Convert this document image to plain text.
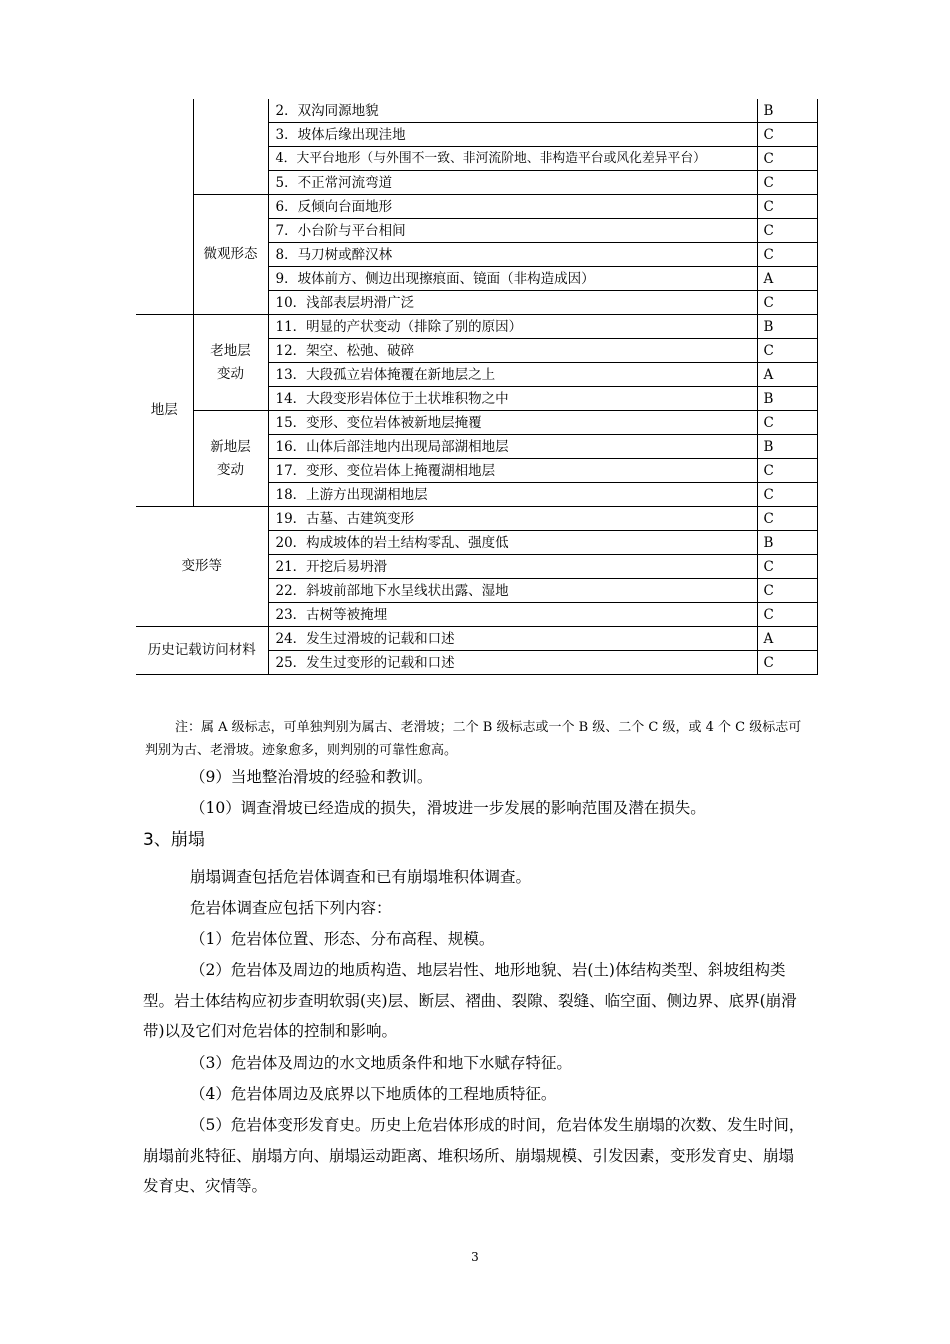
		2．双沟同源地貌	B
		3．坡体后缘出现洼地	C
		4．大平台地形（与外围不一致、非河流阶地、非构造平台或风化差异平台）	C
		5．不正常河流弯道	C
	微观形态	6．反倾向台面地形	C
		7．小台阶与平台相间	C
		8．马刀树或醉汉林	C
		9．坡体前方、侧边出现擦痕面、镜面（非构造成因）	A
		10．浅部表层坍滑广泛	C
地层	老地层变动	11．明显的产状变动（排除了别的原因）	B
		12．架空、松弛、破碎	C
		13．大段孤立岩体掩覆在新地层之上	A
		14．大段变形岩体位于土状堆积物之中	B
	新地层变动	15．变形、变位岩体被新地层掩覆	C
		16．山体后部洼地内出现局部湖相地层	B
		17．变形、变位岩体上掩覆湖相地层	C
		18．上游方出现湖相地层	C
变形等		19．古墓、古建筑变形	C
		20．构成坡体的岩土结构零乱、强度低	B
		21．开挖后易坍滑	C
		22．斜坡前部地下水呈线状出露、湿地	C
		23．古树等被掩埋	C
历史记载访问材料		24．发生过滑坡的记载和口述	A
		25．发生过变形的记载和口述	C

注：属 A 级标志，可单独判别为属古、老滑坡；二个 B 级标志或一个 B 级、二个 C 级，或 4 个 C 级标志可判别为古、老滑坡。迹象愈多，则判别的可靠性愈高。

（9）当地整治滑坡的经验和教训。

（10）调查滑坡已经造成的损失，滑坡进一步发展的影响范围及潜在损失。

3、崩塌

崩塌调查包括危岩体调查和已有崩塌堆积体调查。

危岩体调查应包括下列内容：

（1）危岩体位置、形态、分布高程、规模。

（2）危岩体及周边的地质构造、地层岩性、地形地貌、岩(土)体结构类型、斜坡组构类型。岩土体结构应初步查明软弱(夹)层、断层、褶曲、裂隙、裂缝、临空面、侧边界、底界(崩滑带)以及它们对危岩体的控制和影响。

（3）危岩体及周边的水文地质条件和地下水赋存特征。

（4）危岩体周边及底界以下地质体的工程地质特征。

（5）危岩体变形发育史。历史上危岩体形成的时间，危岩体发生崩塌的次数、发生时间，崩塌前兆特征、崩塌方向、崩塌运动距离、堆积场所、崩塌规模、引发因素，变形发育史、崩塌发育史、灾情等。

3
